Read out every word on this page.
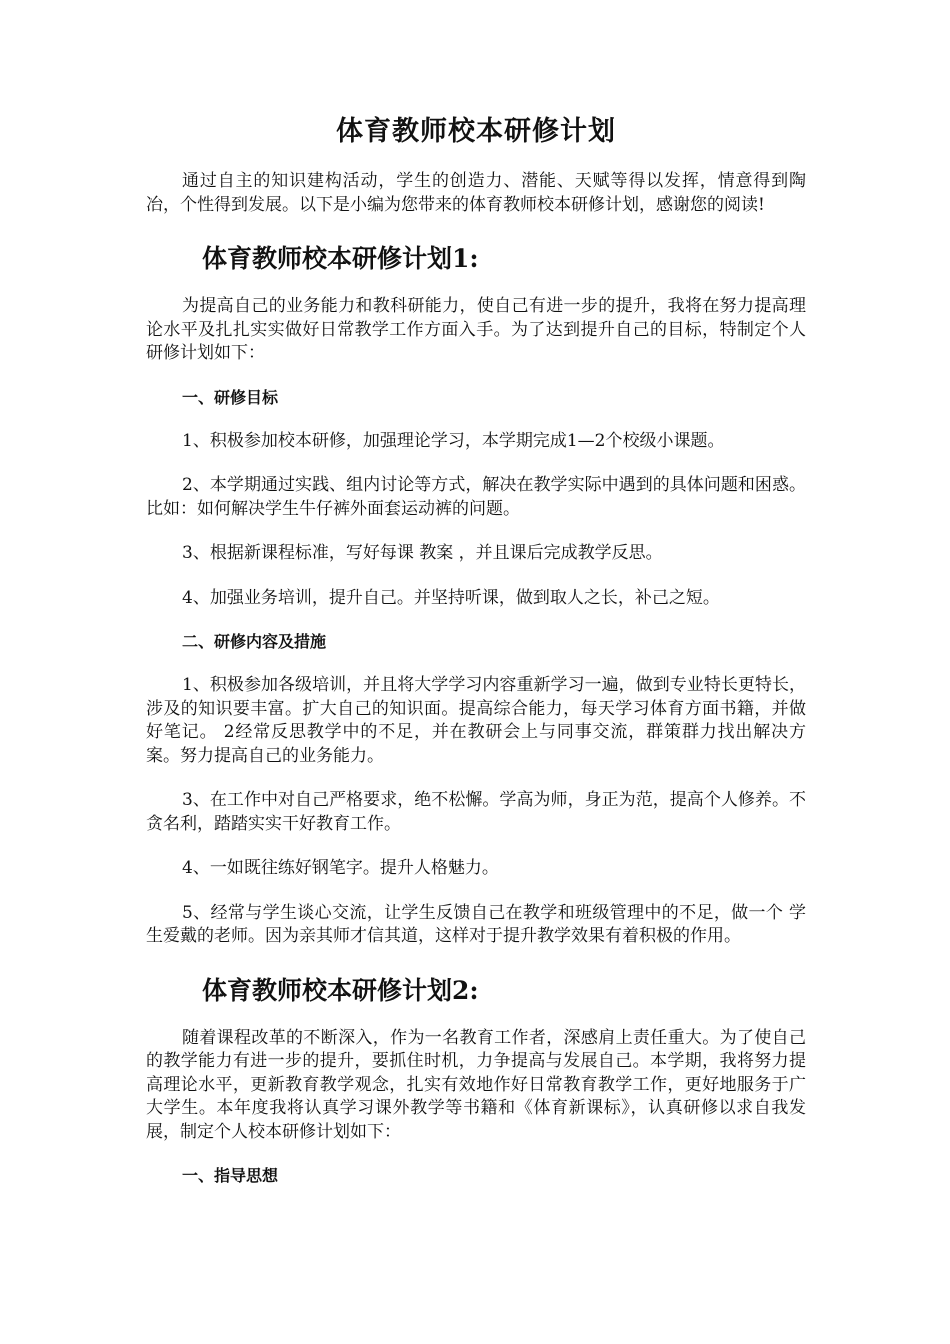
体育教师校本研修计划

通过自主的知识建构活动，学生的创造力、潜能、天赋等得以发挥，情意得到陶冶，个性得到发展。以下是小编为您带来的体育教师校本研修计划，感谢您的阅读!

体育教师校本研修计划1:

为提高自己的业务能力和教科研能力，使自己有进一步的提升，我将在努力提高理论水平及扎扎实实做好日常教学工作方面入手。为了达到提升自己的目标，特制定个人研修计划如下：

一、研修目标

1、积极参加校本研修，加强理论学习，本学期完成1—2个校级小课题。

2、本学期通过实践、组内讨论等方式，解决在教学实际中遇到的具体问题和困惑。比如：如何解决学生牛仔裤外面套运动裤的问题。

3、根据新课程标准，写好每课 教案 ，并且课后完成教学反思。

4、加强业务培训，提升自己。并坚持听课，做到取人之长，补己之短。

二、研修内容及措施

1、积极参加各级培训，并且将大学学习内容重新学习一遍，做到专业特长更特长，涉及的知识要丰富。扩大自己的知识面。提高综合能力，每天学习体育方面书籍，并做好笔记。 2经常反思教学中的不足，并在教研会上与同事交流，群策群力找出解决方案。努力提高自己的业务能力。

3、在工作中对自己严格要求，绝不松懈。学高为师，身正为范，提高个人修养。不贪名利，踏踏实实干好教育工作。

4、一如既往练好钢笔字。提升人格魅力。

5、经常与学生谈心交流，让学生反馈自己在教学和班级管理中的不足，做一个 学生爱戴的老师。因为亲其师才信其道，这样对于提升教学效果有着积极的作用。

体育教师校本研修计划2:

随着课程改革的不断深入，作为一名教育工作者，深感肩上责任重大。为了使自己的教学能力有进一步的提升，要抓住时机，力争提高与发展自己。本学期，我将努力提高理论水平，更新教育教学观念，扎实有效地作好日常教育教学工作，更好地服务于广大学生。本年度我将认真学习课外教学等书籍和《体育新课标》，认真研修以求自我发展，制定个人校本研修计划如下：

一、指导思想
